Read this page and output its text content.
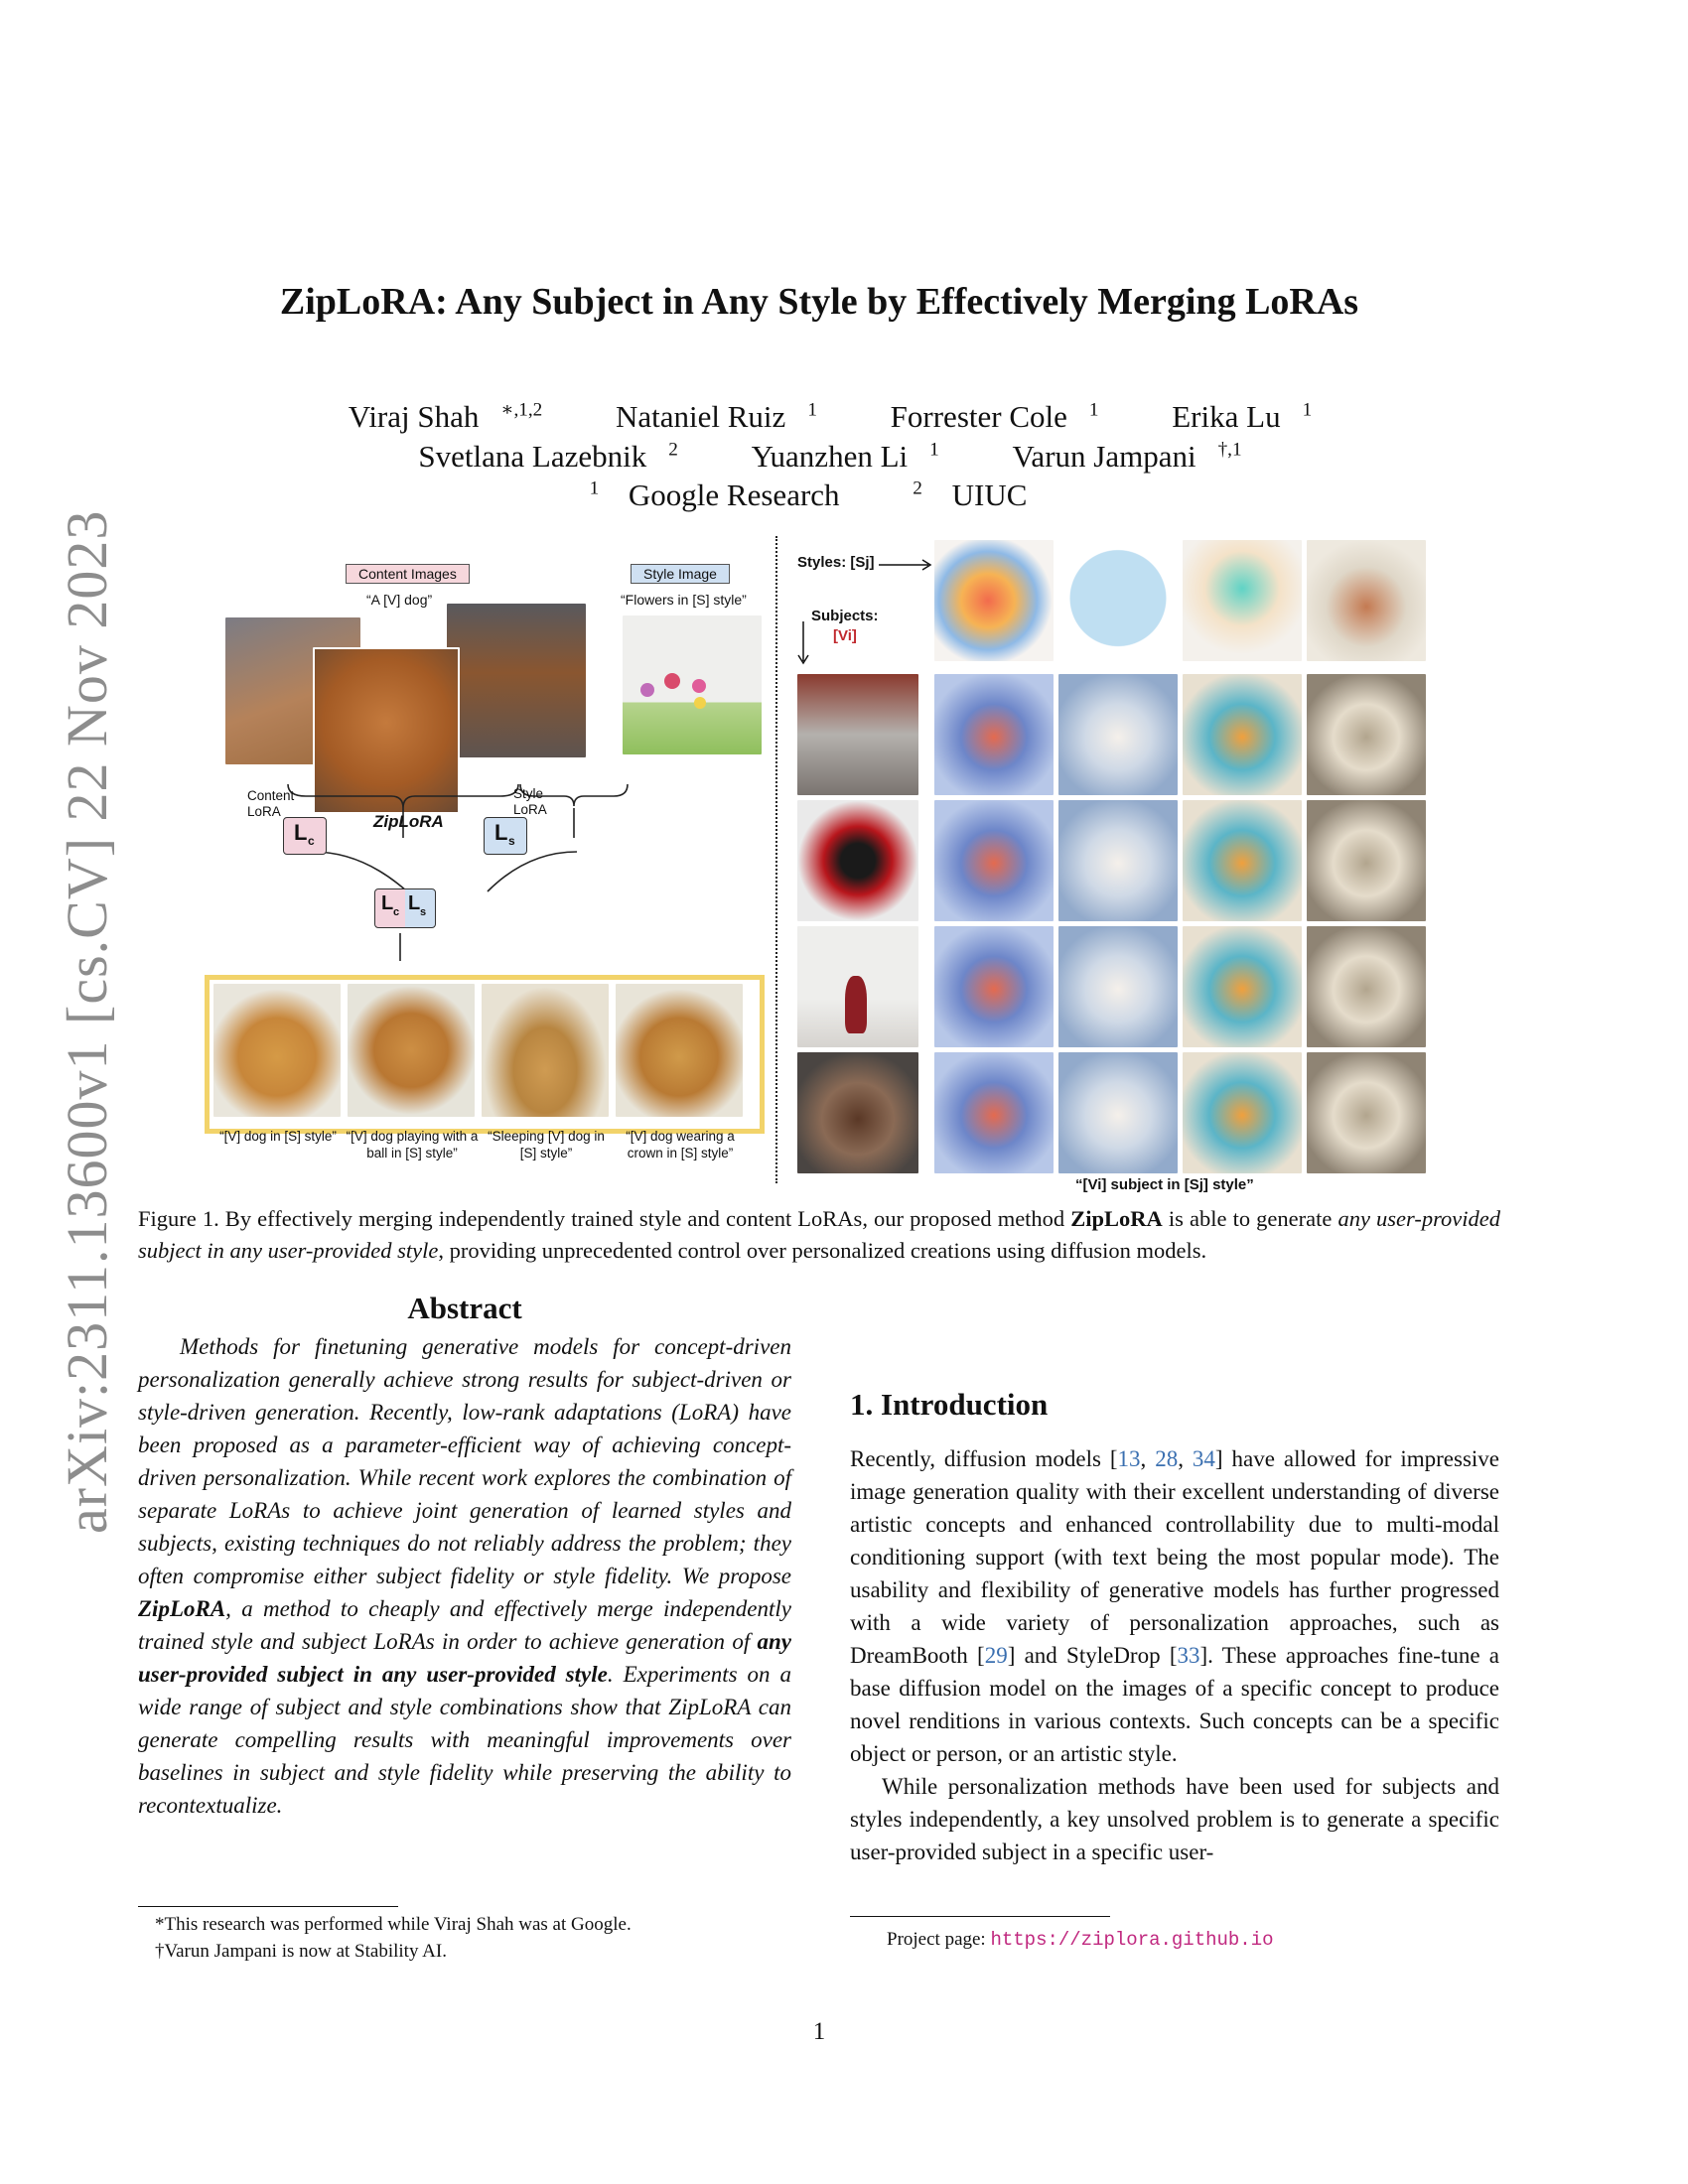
arXiv:2311.13600v1 [cs.CV] 22 Nov 2023
ZipLoRA: Any Subject in Any Style by Effectively Merging LoRAs
Viraj Shah $^{∗,1,2}$ Nataniel Ruiz $^1$ Forrester Cole $^1$ Erika Lu $^1$
Svetlana Lazebnik $^2$ Yuanzhen Li $^1$ Varun Jampani $^{\dagger,1}$
$^1$ Google Research	$^2$ UIUC
Content Images
“A [V] dog”
Style Image
“Flowers in [S] style”
Content
LoRA
Style
LoRA
L c	L s
ZipLoRA
L c L s
“[V] dog in [S] style” “[V] dog playing with a ball in [S] style”
“Sleeping [V] dog in [S] style”
“[V] dog wearing a crown in [S] style”
Styles: [Sj]
Subjects:
[Vi]
“[Vi] subject in [Sj] style”
Figure 1. By effectively merging independently trained style and content LoRAs, our proposed method ZipLoRA is able to generate any user-provided subject in any user-provided style, providing unprecedented control over personalized creations using diffusion models.
Abstract
Methods for finetuning generative models for concept-driven personalization generally achieve strong results for subject-driven or style-driven generation. Recently, low-rank adaptations (LoRA) have been proposed as a parameter-efficient way of achieving concept-driven personalization. While recent work explores the combination of separate LoRAs to achieve joint generation of learned styles and subjects, existing techniques do not reliably address the problem; they often compromise either subject fidelity or style fidelity. We propose ZipLoRA, a method to cheaply and effectively merge independently trained style and subject LoRAs in order to achieve generation of any user-provided subject in any user-provided style. Experiments on a wide range of subject and style combinations show that ZipLoRA can generate compelling results with meaningful improvements over baselines in subject and style fidelity while preserving the ability to recontextualize.
*This research was performed while Viraj Shah was at Google.
†Varun Jampani is now at Stability AI.
1. Introduction

Recently, diffusion models [13, 28, 34] have allowed for impressive image generation quality with their excellent understanding of diverse artistic concepts and enhanced controllability due to multi-modal conditioning support (with text being the most popular mode). The usability and flexibility of generative models has further progressed with a wide variety of personalization approaches, such as DreamBooth [29] and StyleDrop [33]. These approaches fine-tune a base diffusion model on the images of a specific concept to produce novel renditions in various contexts. Such concepts can be a specific object or person, or an artistic style.

While personalization methods have been used for subjects and styles independently, a key unsolved problem is to generate a specific user-provided subject in a specific user-

Project page: https://ziplora.github.io
1
